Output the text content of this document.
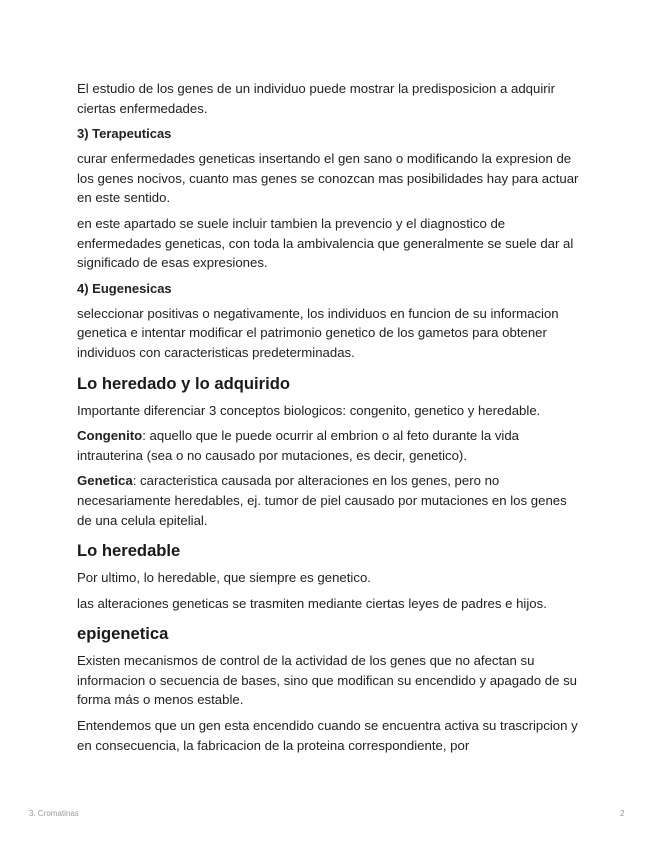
El estudio de los genes de un individuo puede mostrar la predisposicion a adquirir ciertas enfermedades.

3) Terapeuticas

curar enfermedades geneticas insertando el gen sano o modificando la expresion de los genes nocivos, cuanto mas genes se conozcan mas posibilidades hay para actuar en este sentido.

en este apartado se suele incluir tambien la prevencio y el diagnostico de enfermedades geneticas, con toda la ambivalencia que generalmente se suele dar al significado de esas expresiones.

4) Eugenesicas

seleccionar positivas o negativamente, los individuos en funcion de su informacion genetica e intentar modificar el patrimonio genetico de los gametos para obtener individuos con caracteristicas predeterminadas.

Lo heredado y lo adquirido

Importante diferenciar 3 conceptos biologicos: congenito, genetico y heredable.

Congenito: aquello que le puede ocurrir al embrion o al feto durante la vida intrauterina (sea o no causado por mutaciones, es decir, genetico).

Genetica: caracteristica causada por alteraciones en los genes, pero no necesariamente heredables, ej. tumor de piel causado por mutaciones en los genes de una celula epitelial.

Lo heredable

Por ultimo, lo heredable, que siempre es genetico.

las alteraciones geneticas se trasmiten mediante ciertas leyes de padres e hijos.

epigenetica

Existen mecanismos de control de la actividad de los genes que no afectan su informacion o secuencia de bases, sino que modifican su encendido y apagado de su forma más o menos estable.

Entendemos que un gen esta encendido cuando se encuentra activa su trascripcion y en consecuencia, la fabricacion de la proteina correspondiente, por

3. Cromatinas	2
